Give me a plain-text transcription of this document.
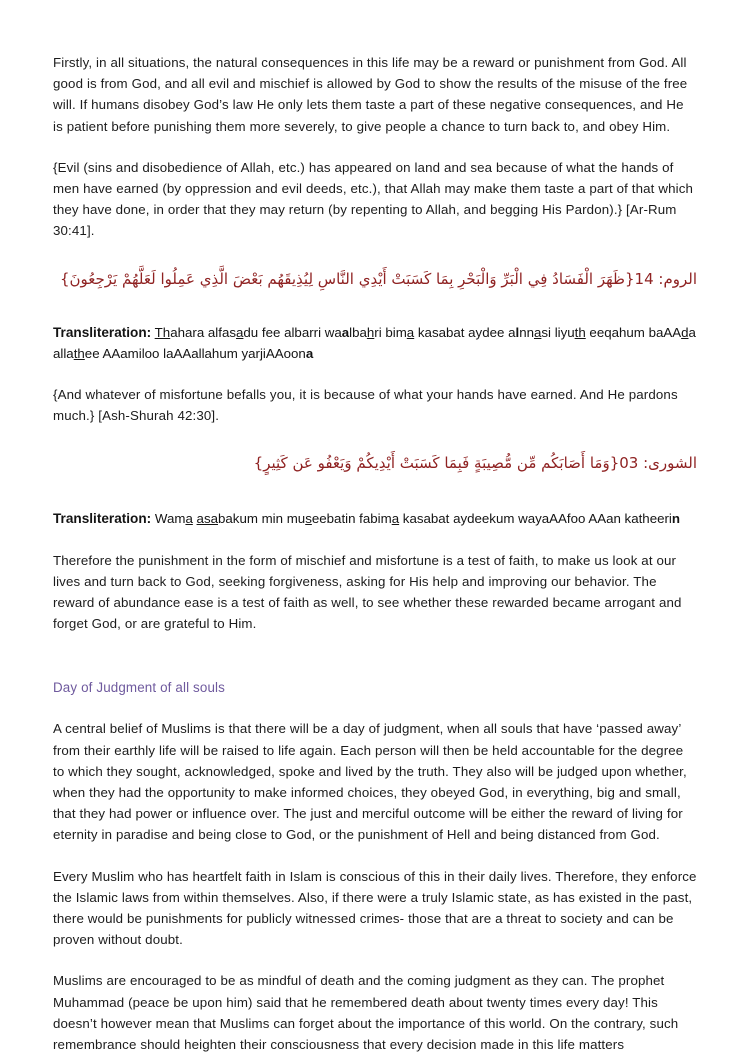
Firstly, in all situations, the natural consequences in this life may be a reward or punishment from God. All good is from God, and all evil and mischief is allowed by God to show the results of the misuse of the free will. If humans disobey God’s law He only lets them taste a part of these negative consequences, and He is patient before punishing them more severely, to give people a chance to turn back to, and obey Him.

{Evil (sins and disobedience of Allah, etc.) has appeared on land and sea because of what the hands of men have earned (by oppression and evil deeds, etc.), that Allah may make them taste a part of that which they have done, in order that they may return (by repenting to Allah, and begging His Pardon).} [Ar-Rum 30:41].

الروم: 41{ظَهَرَ الْفَسَادُ فِي الْبَرِّ وَالْبَحْرِ بِمَا كَسَبَتْ أَيْدِي النَّاسِ لِيُذِيقَهُم بَعْضَ الَّذِي عَمِلُوا لَعَلَّهُمْ يَرْجِعُونَ}

Transliteration: Thahara alfasadu fee albarri waalbahri bima kasabat aydee alnnasi liyuth eeqahum baAAda allathee AAamiloo laAAallahum yarjiAAoona

{And whatever of misfortune befalls you, it is because of what your hands have earned. And He pardons much.} [Ash-Shurah 42:30].

الشورى: 30{وَمَا أَصَابَكُم مِّن مُّصِيبَةٍ فَبِمَا كَسَبَتْ أَيْدِيكُمْ وَيَعْفُو عَن كَثِيرٍ}

Transliteration: Wama asabakum min museebatin fabima kasabat aydeekum wayaAAfoo AAan katheerin

Therefore the punishment in the form of mischief and misfortune is a test of faith, to make us look at our lives and turn back to God, seeking forgiveness, asking for His help and improving our behavior. The reward of abundance ease is a test of faith as well, to see whether these rewarded became arrogant and forget God, or are grateful to Him.

Day of Judgment of all souls

A central belief of Muslims is that there will be a day of judgment, when all souls that have ‘passed away’ from their earthly life will be raised to life again. Each person will then be held accountable for the degree to which they sought, acknowledged, spoke and lived by the truth. They also will be judged upon whether, when they had the opportunity to make informed choices, they obeyed God, in everything, big and small, that they had power or influence over. The just and merciful outcome will be either the reward of living for eternity in paradise and being close to God, or the punishment of Hell and being distanced from God.

Every Muslim who has heartfelt faith in Islam is conscious of this in their daily lives. Therefore, they enforce the Islamic laws from within themselves. Also, if there were a truly Islamic state, as has existed in the past, there would be punishments for publicly witnessed crimes- those that are a threat to society and can be proven without doubt.

Muslims are encouraged to be as mindful of death and the coming judgment as they can. The prophet Muhammad (peace be upon him) said that he remembered death about twenty times every day! This doesn’t however mean that Muslims can forget about the importance of this world. On the contrary, such remembrance should heighten their consciousness that every decision made in this life matters
